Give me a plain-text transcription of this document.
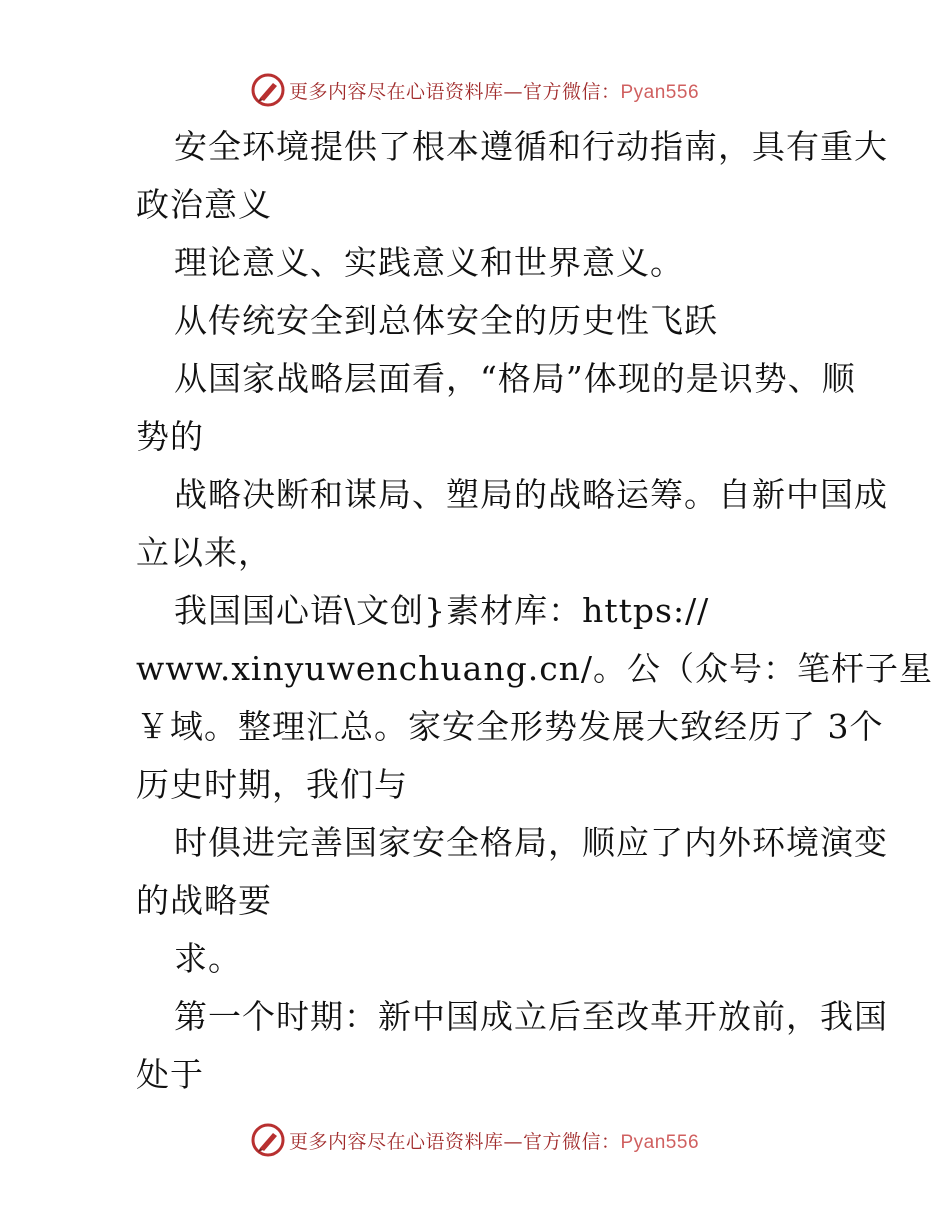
更多内容尽在心语资料库—官方微信：Pyan556
安全环境提供了根本遵循和行动指南，具有重大
政治意义
理论意义、实践意义和世界意义。
从传统安全到总体安全的历史性飞跃
从国家战略层面看，“格局”体现的是识势、顺
势的
战略决断和谋局、塑局的战略运筹。自新中国成
立以来，
我国国心语\文创}素材库：https://
www.xinyuwenchuang.cn/。公（众号：笔杆子星
￥域。整理汇总。家安全形势发展大致经历了 3个
历史时期，我们与
时俱进完善国家安全格局，顺应了内外环境演变
的战略要
求。
第一个时期：新中国成立后至改革开放前，我国
处于
更多内容尽在心语资料库—官方微信：Pyan556
